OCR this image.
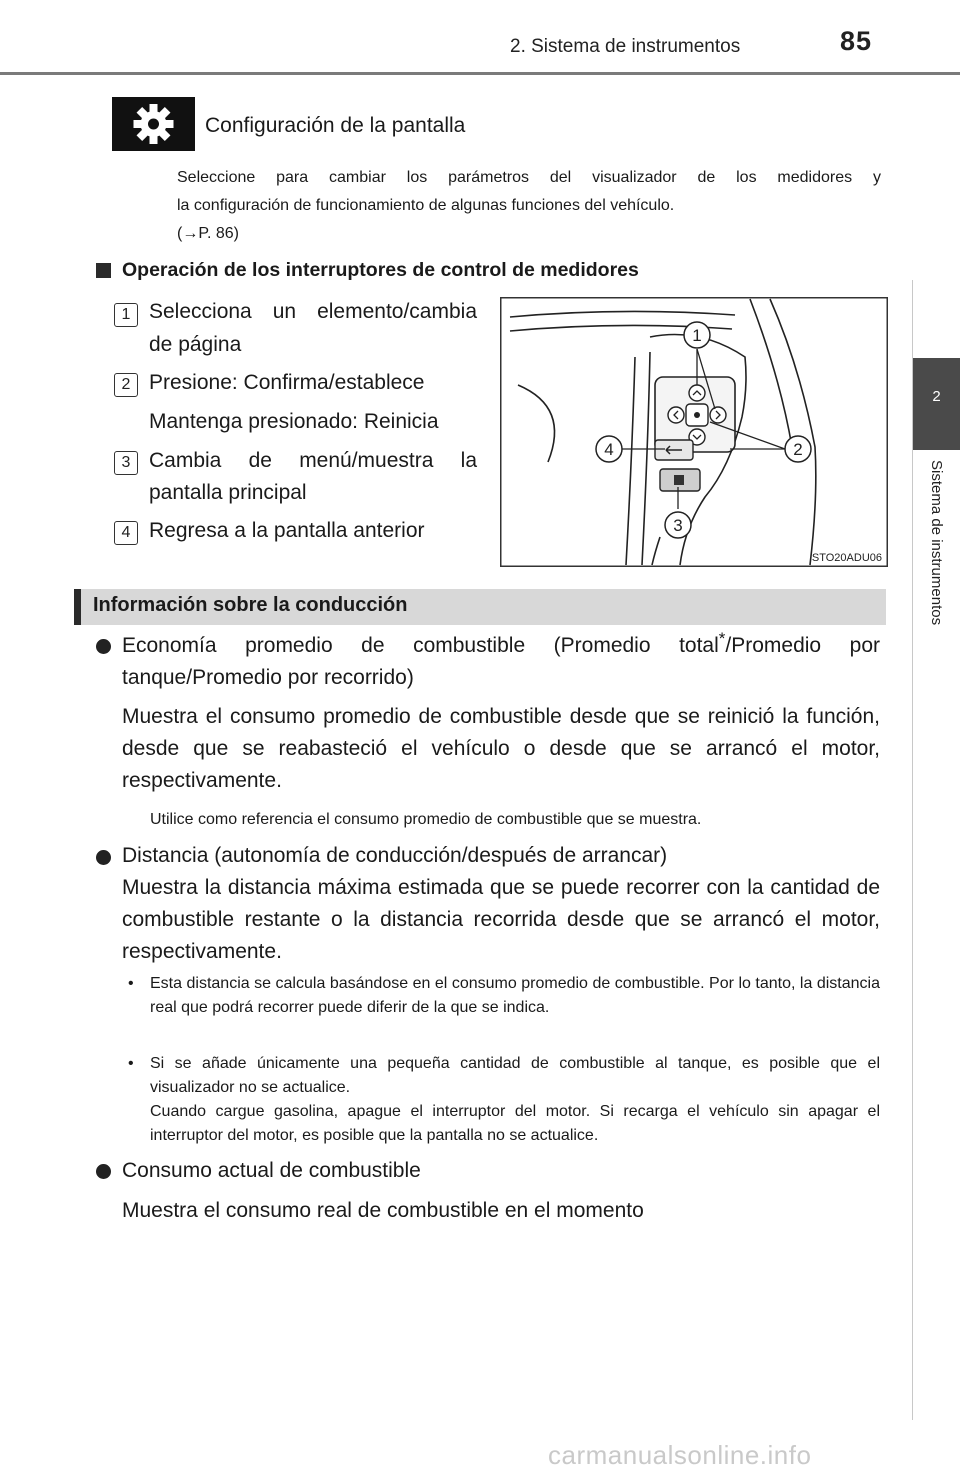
2. Sistema de instrumentos	85
2
Sistema de instrumentos
Configuración de la pantalla
Seleccione para cambiar los parámetros del visualizador de los medidores y
la configuración de funcionamiento de algunas funciones del vehículo.
(→P. 86)
Operación de los interruptores de control de medidores
1 Selecciona un elemento/cambia
de página
2 Presione: Confirma/establece
Mantenga presionado: Reinicia
3 Cambia de menú/muestra la
pantalla principal
4 Regresa a la pantalla anterior
1
2
3
4
STO20ADU06
Información sobre la conducción
Economía promedio de combustible (Promedio total*/Promedio por
tanque/Promedio por recorrido)
Muestra el consumo promedio de combustible desde que se reinició la función, desde que se reabasteció el vehículo o desde que se arrancó el motor, respectivamente.
Utilice como referencia el consumo promedio de combustible que se muestra.
Distancia (autonomía de conducción/después de arrancar)
Muestra la distancia máxima estimada que se puede recorrer con la cantidad de combustible restante o la distancia recorrida desde que se arrancó el motor, respectivamente.
• Esta distancia se calcula basándose en el consumo promedio de combustible. Por lo tanto, la distancia real que podrá recorrer puede diferir de la que se indica.
• Si se añade únicamente una pequeña cantidad de combustible al tanque, es posible que el visualizador no se actualice.
Cuando cargue gasolina, apague el interruptor del motor. Si recarga el vehículo sin apagar el interruptor del motor, es posible que la pantalla no se actualice.
Consumo actual de combustible
Muestra el consumo real de combustible en el momento
carmanualsonline.info
